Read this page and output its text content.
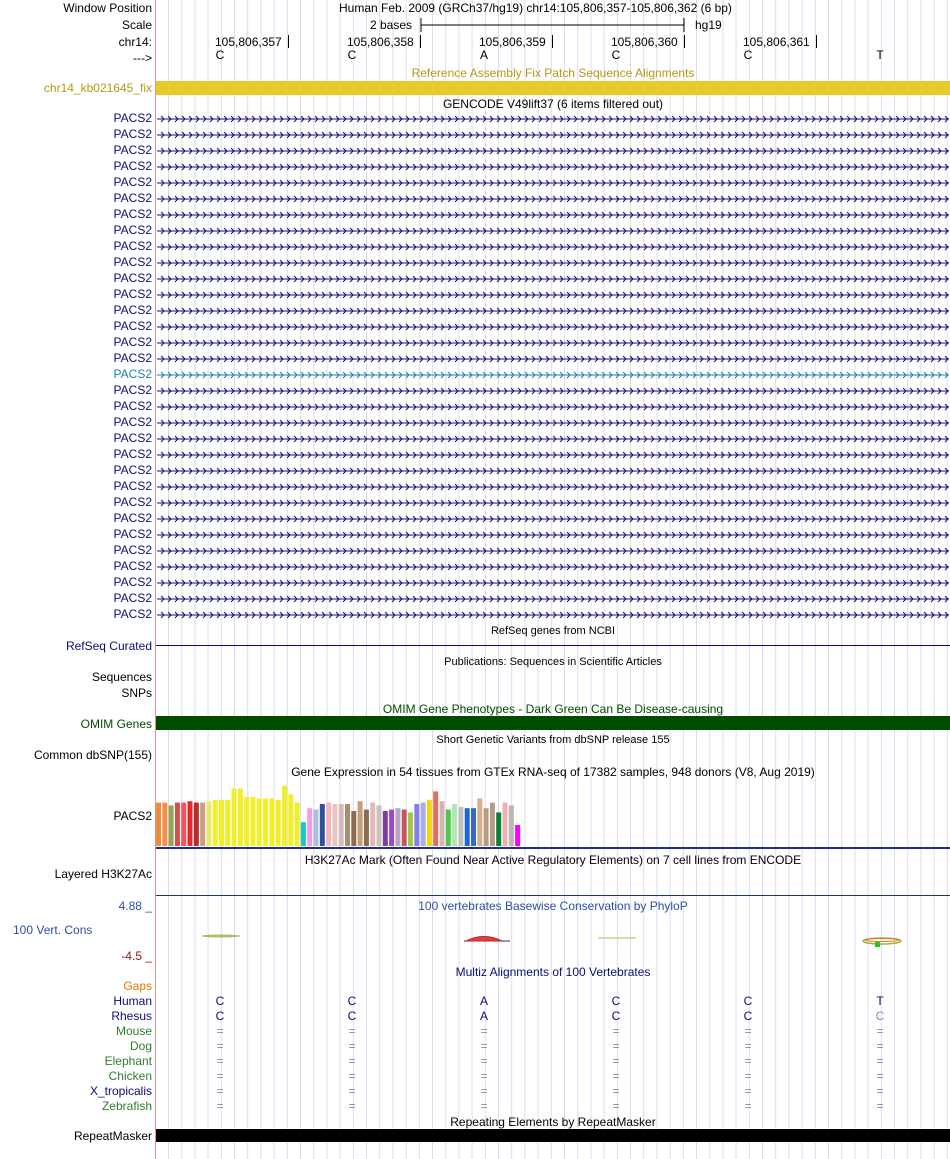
Window Position	Human Feb. 2009 (GRCh37/hg19) chr14:105,806,357-105,806,362 (6 bp)
Scale	2 bases	hg19
chr14:	105,806,357	105,806,358	105,806,359	105,806,360	105,806,361
--->	C	C	A	C	C	T
Reference Assembly Fix Patch Sequence Alignments
chr14_kb021645_fix
GENCODE V49lift37 (6 items filtered out)
PACS2
PACS2
PACS2
PACS2
PACS2
PACS2
PACS2
PACS2
PACS2
PACS2
PACS2
PACS2
PACS2
PACS2
PACS2
PACS2
PACS2
PACS2
PACS2
PACS2
PACS2
PACS2
PACS2
PACS2
PACS2
PACS2
PACS2
PACS2
PACS2
PACS2
PACS2
PACS2
RefSeq genes from NCBI
RefSeq Curated
Publications: Sequences in Scientific Articles
Sequences
SNPs
OMIM Gene Phenotypes - Dark Green Can Be Disease-causing
OMIM Genes
Short Genetic Variants from dbSNP release 155
Common dbSNP(155)
Gene Expression in 54 tissues from GTEx RNA-seq of 17382 samples, 948 donors (V8, Aug 2019)
PACS2
H3K27Ac Mark (Often Found Near Active Regulatory Elements) on 7 cell lines from ENCODE
Layered H3K27Ac
100 vertebrates Basewise Conservation by PhyloP
4.88 _
100 Vert. Cons
-4.5 _
Multiz Alignments of 100 Vertebrates
Gaps
Human	C	C	A	C	C	T
Rhesus	C	C	A	C	C	C
Mouse	=	=	=	=	=	=
Dog	=	=	=	=	=	=
Elephant	=	=	=	=	=	=
Chicken	=	=	=	=	=	=
X_tropicalis	=	=	=	=	=	=
Zebrafish	=	=	=	=	=	=
Repeating Elements by RepeatMasker
RepeatMasker
